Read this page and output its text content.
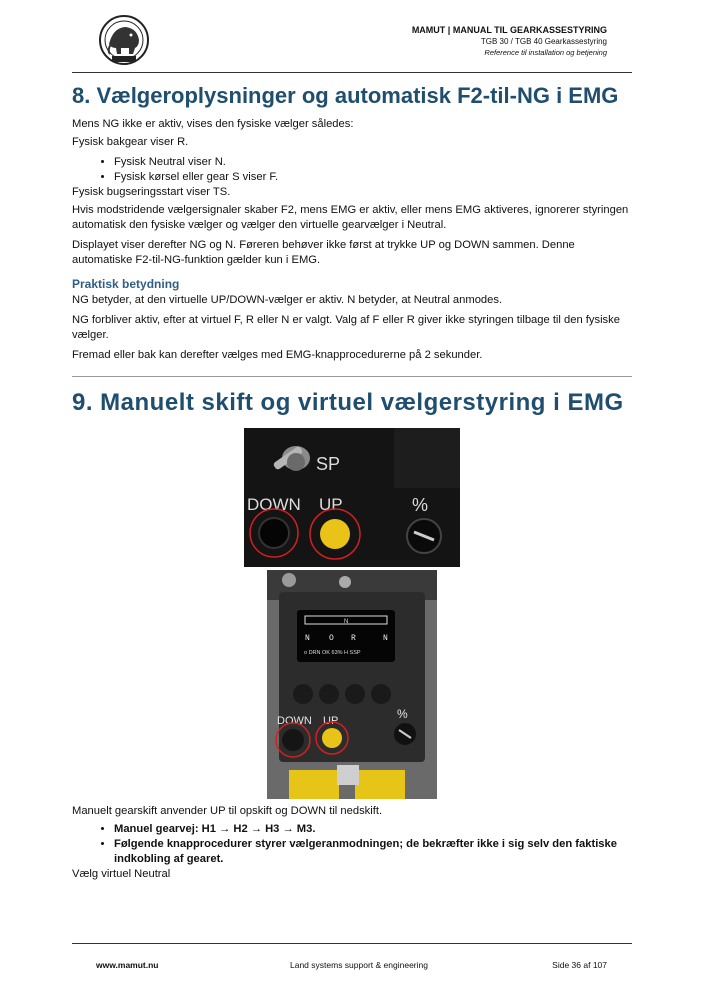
MAMUT | MANUAL TIL GEARKASSESTYRING
TGB 30 / TGB 40 Gearkassestyring
Reference til installation og betjening
8. Vælgeroplysninger og automatisk F2-til-NG i EMG

Mens NG ikke er aktiv, vises den fysiske vælger således:

Fysisk bakgear viser R.

• Fysisk Neutral viser N.
• Fysisk kørsel eller gear S viser F.

Fysisk bugseringsstart viser TS.

Hvis modstridende vælgersignaler skaber F2, mens EMG er aktiv, eller mens EMG aktiveres, ignorerer styringen automatisk den fysiske vælger og vælger den virtuelle gearvælger i Neutral.

Displayet viser derefter NG og N. Føreren behøver ikke først at trykke UP og DOWN sammen. Denne automatiske F2-til-NG-funktion gælder kun i EMG.

Praktisk betydning

NG betyder, at den virtuelle UP/DOWN-vælger er aktiv. N betyder, at Neutral anmodes.

NG forbliver aktiv, efter at virtuel F, R eller N er valgt. Valg af F eller R giver ikke styringen tilbage til den fysiske vælger.

Fremad eller bak kan derefter vælges med EMG-knapprocedurerne på 2 sekunder.

9. Manuelt skift og virtuel vælgerstyring i EMG
SP
DOWN UP	%
N
N O R	N
o DRN OK 63% H SSP
DOWN UP	%

Manuelt gearskift anvender UP til opskift og DOWN til nedskift.

• Manuel gearvej: H1 → H2 → H3 → M3.
• Følgende knapprocedurer styrer vælgeranmodningen; de bekræfter ikke i sig selv den faktiske indkobling af gearet.

Vælg virtuel Neutral

www.mamut.nu	Land systems support & engineering	Side 36 af 107
